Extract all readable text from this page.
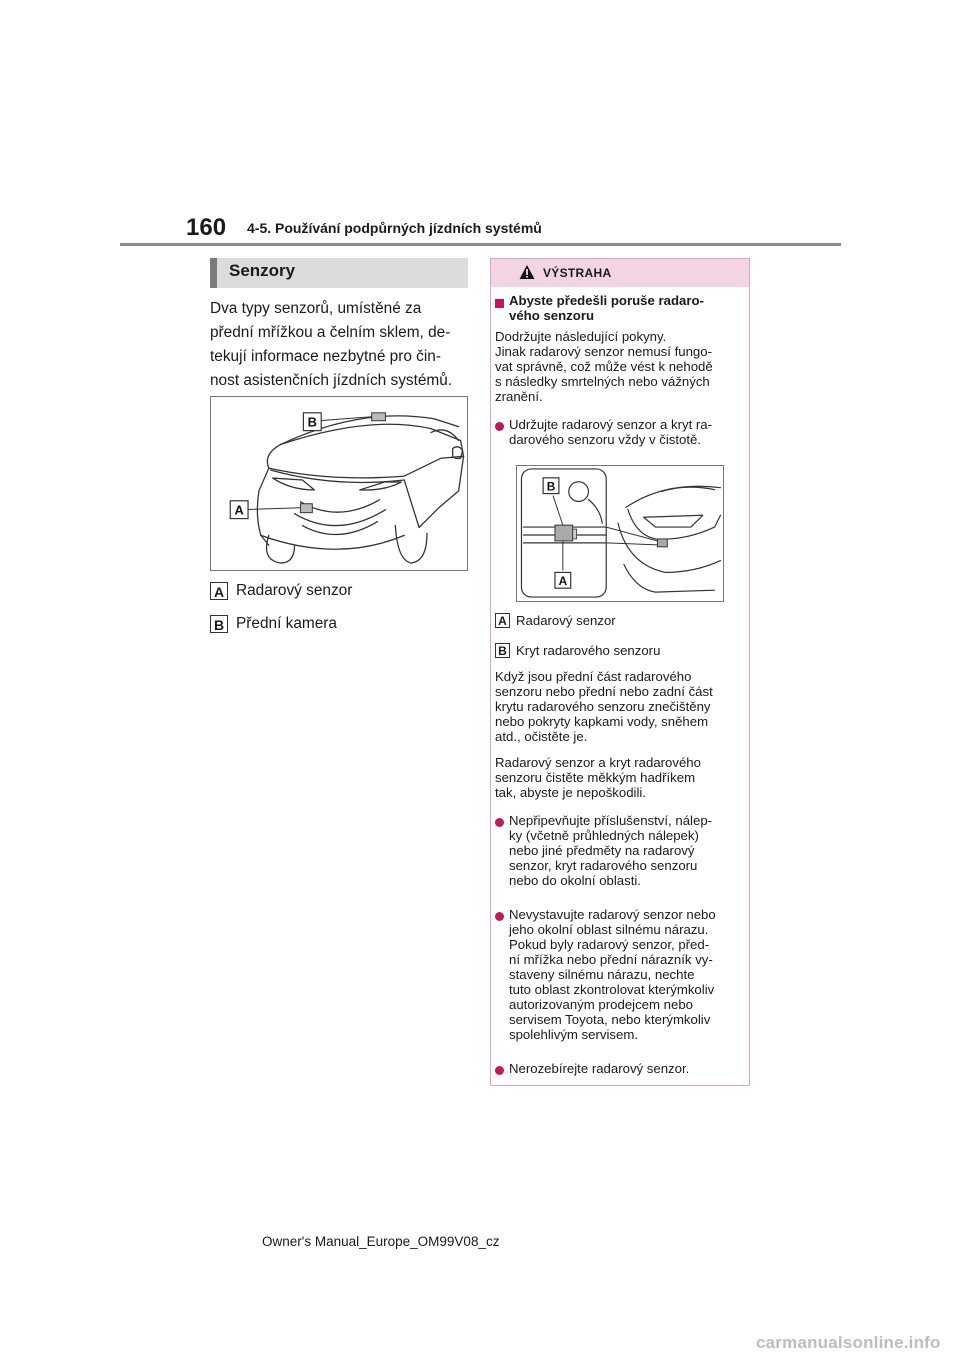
160 4-5. Používání podpůrných jízdních systémů
Senzory
Dva typy senzorů, umístěné za
přední mřížkou a čelním sklem, de-
tekují informace nezbytné pro čin-
nost asistenčních jízdních systémů.
B
A
A Radarový senzor
B Přední kamera
VÝSTRAHA
Abyste předešli poruše radaro-
vého senzoru
Dodržujte následující pokyny.
Jinak radarový senzor nemusí fungo-
vat správně, což může vést k nehodě
s následky smrtelných nebo vážných
zranění.
Udržujte radarový senzor a kryt ra-
darového senzoru vždy v čistotě.
A Radarový senzor
B Kryt radarového senzoru
Když jsou přední část radarového
senzoru nebo přední nebo zadní část
krytu radarového senzoru znečištěny
nebo pokryty kapkami vody, sněhem
atd., očistěte je.
Radarový senzor a kryt radarového
senzoru čistěte měkkým hadříkem
tak, abyste je nepoškodili.
Nepřipevňujte příslušenství, nálep-
ky (včetně průhledných nálepek)
nebo jiné předměty na radarový
senzor, kryt radarového senzoru
nebo do okolní oblasti.
Nevystavujte radarový senzor nebo
jeho okolní oblast silnému nárazu.
Pokud byly radarový senzor, před-
ní mřížka nebo přední nárazník vy-
staveny silnému nárazu, nechte
tuto oblast zkontrolovat kterýmkoliv
autorizovaným prodejcem nebo
servisem Toyota, nebo kterýmkoliv
spolehlivým servisem.
Nerozebírejte radarový senzor.
B
A
Owner's Manual_Europe_OM99V08_cz
carmanualsonline.info
